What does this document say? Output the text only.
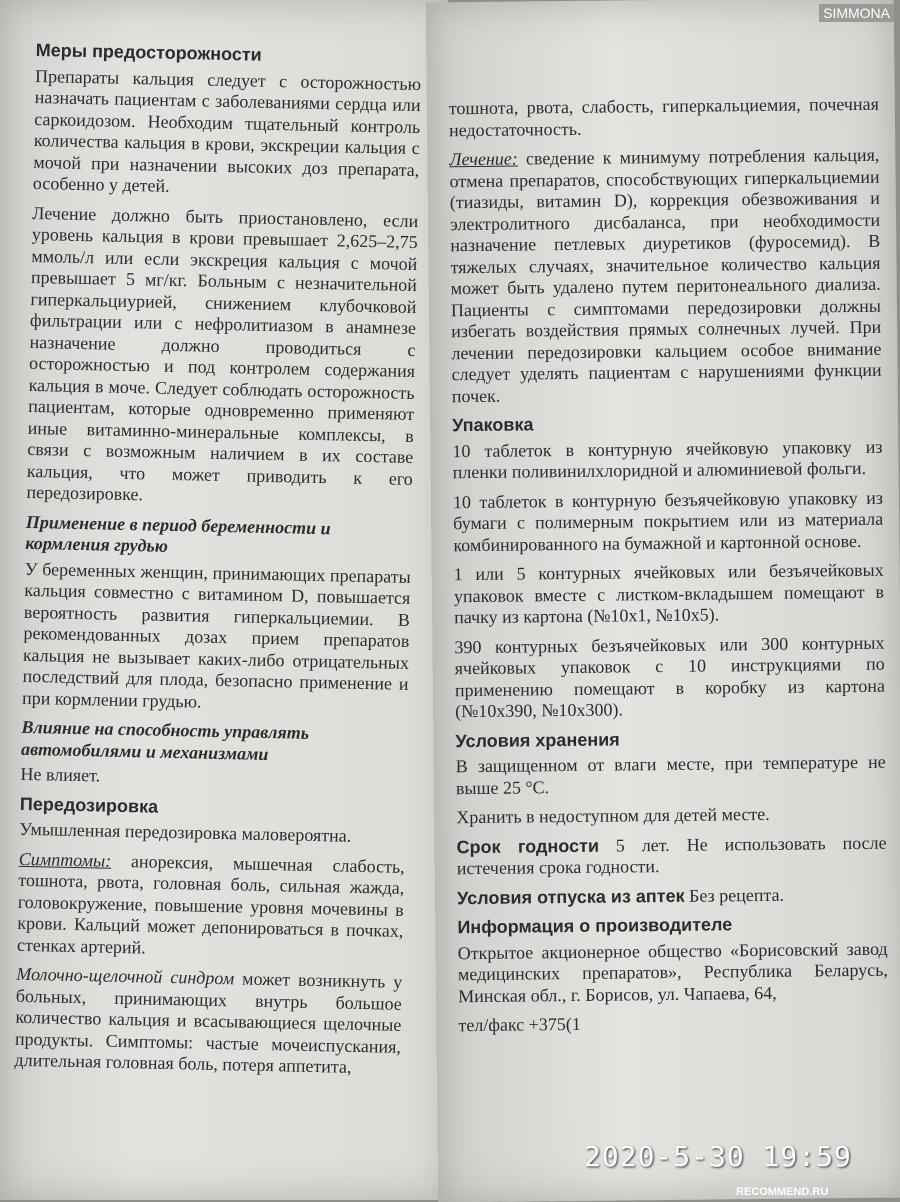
Меры предосторожности

Препараты кальция следует с осторожностью назначать пациентам с заболеваниями сердца или саркоидозом. Необходим тщательный контроль количества кальция в крови, экскреции кальция с мочой при назначении высоких доз препарата, особенно у детей.

Лечение должно быть приостановлено, если уровень кальция в крови превышает 2,625–2,75 ммоль/л или если экскреция кальция с мочой превышает 5 мг/кг. Больным с незначительной гиперкальциурией, снижением клубочковой фильтрации или с нефролитиазом в анамнезе назначение должно проводиться с осторожностью и под контролем содержания кальция в моче. Следует соблюдать осторожность пациентам, которые одновременно применяют иные витаминно-минеральные комплексы, в связи с возможным наличием в их составе кальция, что может приводить к его передозировке.

Применение в период беременности и кормления грудью

У беременных женщин, принимающих препараты кальция совместно с витамином D, повышается вероятность развития гиперкальциемии. В рекомендованных дозах прием препаратов кальция не вызывает каких-либо отрицательных последствий для плода, безопасно применение и при кормлении грудью.

Влияние на способность управлять автомобилями и механизмами

Не влияет.

Передозировка

Умышленная передозировка маловероятна.

Симптомы: анорексия, мышечная слабость, тошнота, рвота, головная боль, сильная жажда, головокружение, повышение уровня мочевины в крови. Кальций может депонироваться в почках, стенках артерий.

Молочно-щелочной синдром может возникнуть у больных, принимающих внутрь большое количество кальция и всасывающиеся щелочные продукты. Симптомы: частые мочеиспускания, длительная головная боль, потеря аппетита,

тошнота, рвота, слабость, гиперкальциемия, почечная недостаточность.

Лечение: сведение к минимуму потребления кальция, отмена препаратов, способствующих гиперкальциемии (тиазиды, витамин D), коррекция обезвоживания и электролитного дисбаланса, при необходимости назначение петлевых диуретиков (фуросемид). В тяжелых случаях, значительное количество кальция может быть удалено путем перитонеального диализа. Пациенты с симптомами передозировки должны избегать воздействия прямых солнечных лучей. При лечении передозировки кальцием особое внимание следует уделять пациентам с нарушениями функции почек.

Упаковка

10 таблеток в контурную ячейковую упаковку из пленки поливинилхлоридной и алюминиевой фольги.

10 таблеток в контурную безъячейковую упаковку из бумаги с полимерным покрытием или из материала комбинированного на бумажной и картонной основе.

1 или 5 контурных ячейковых или безъячейковых упаковок вместе с листком-вкладышем помещают в пачку из картона (№10х1, №10х5).

390 контурных безъячейковых или 300 контурных ячейковых упаковок с 10 инструкциями по применению помещают в коробку из картона (№10х390, №10х300).

Условия хранения

В защищенном от влаги месте, при температуре не выше 25 °С.

Хранить в недоступном для детей месте.

Срок годности 5 лет. Не использовать после истечения срока годности.

Условия отпуска из аптек Без рецепта.

Информация о производителе

Открытое акционерное общество «Борисовский завод медицинских препаратов», Республика Беларусь, Минская обл., г. Борисов, ул. Чапаева, 64,

тел/факс +375(1

SIMMONA
2020-5-30 19:59
RECOMMEND.RU
